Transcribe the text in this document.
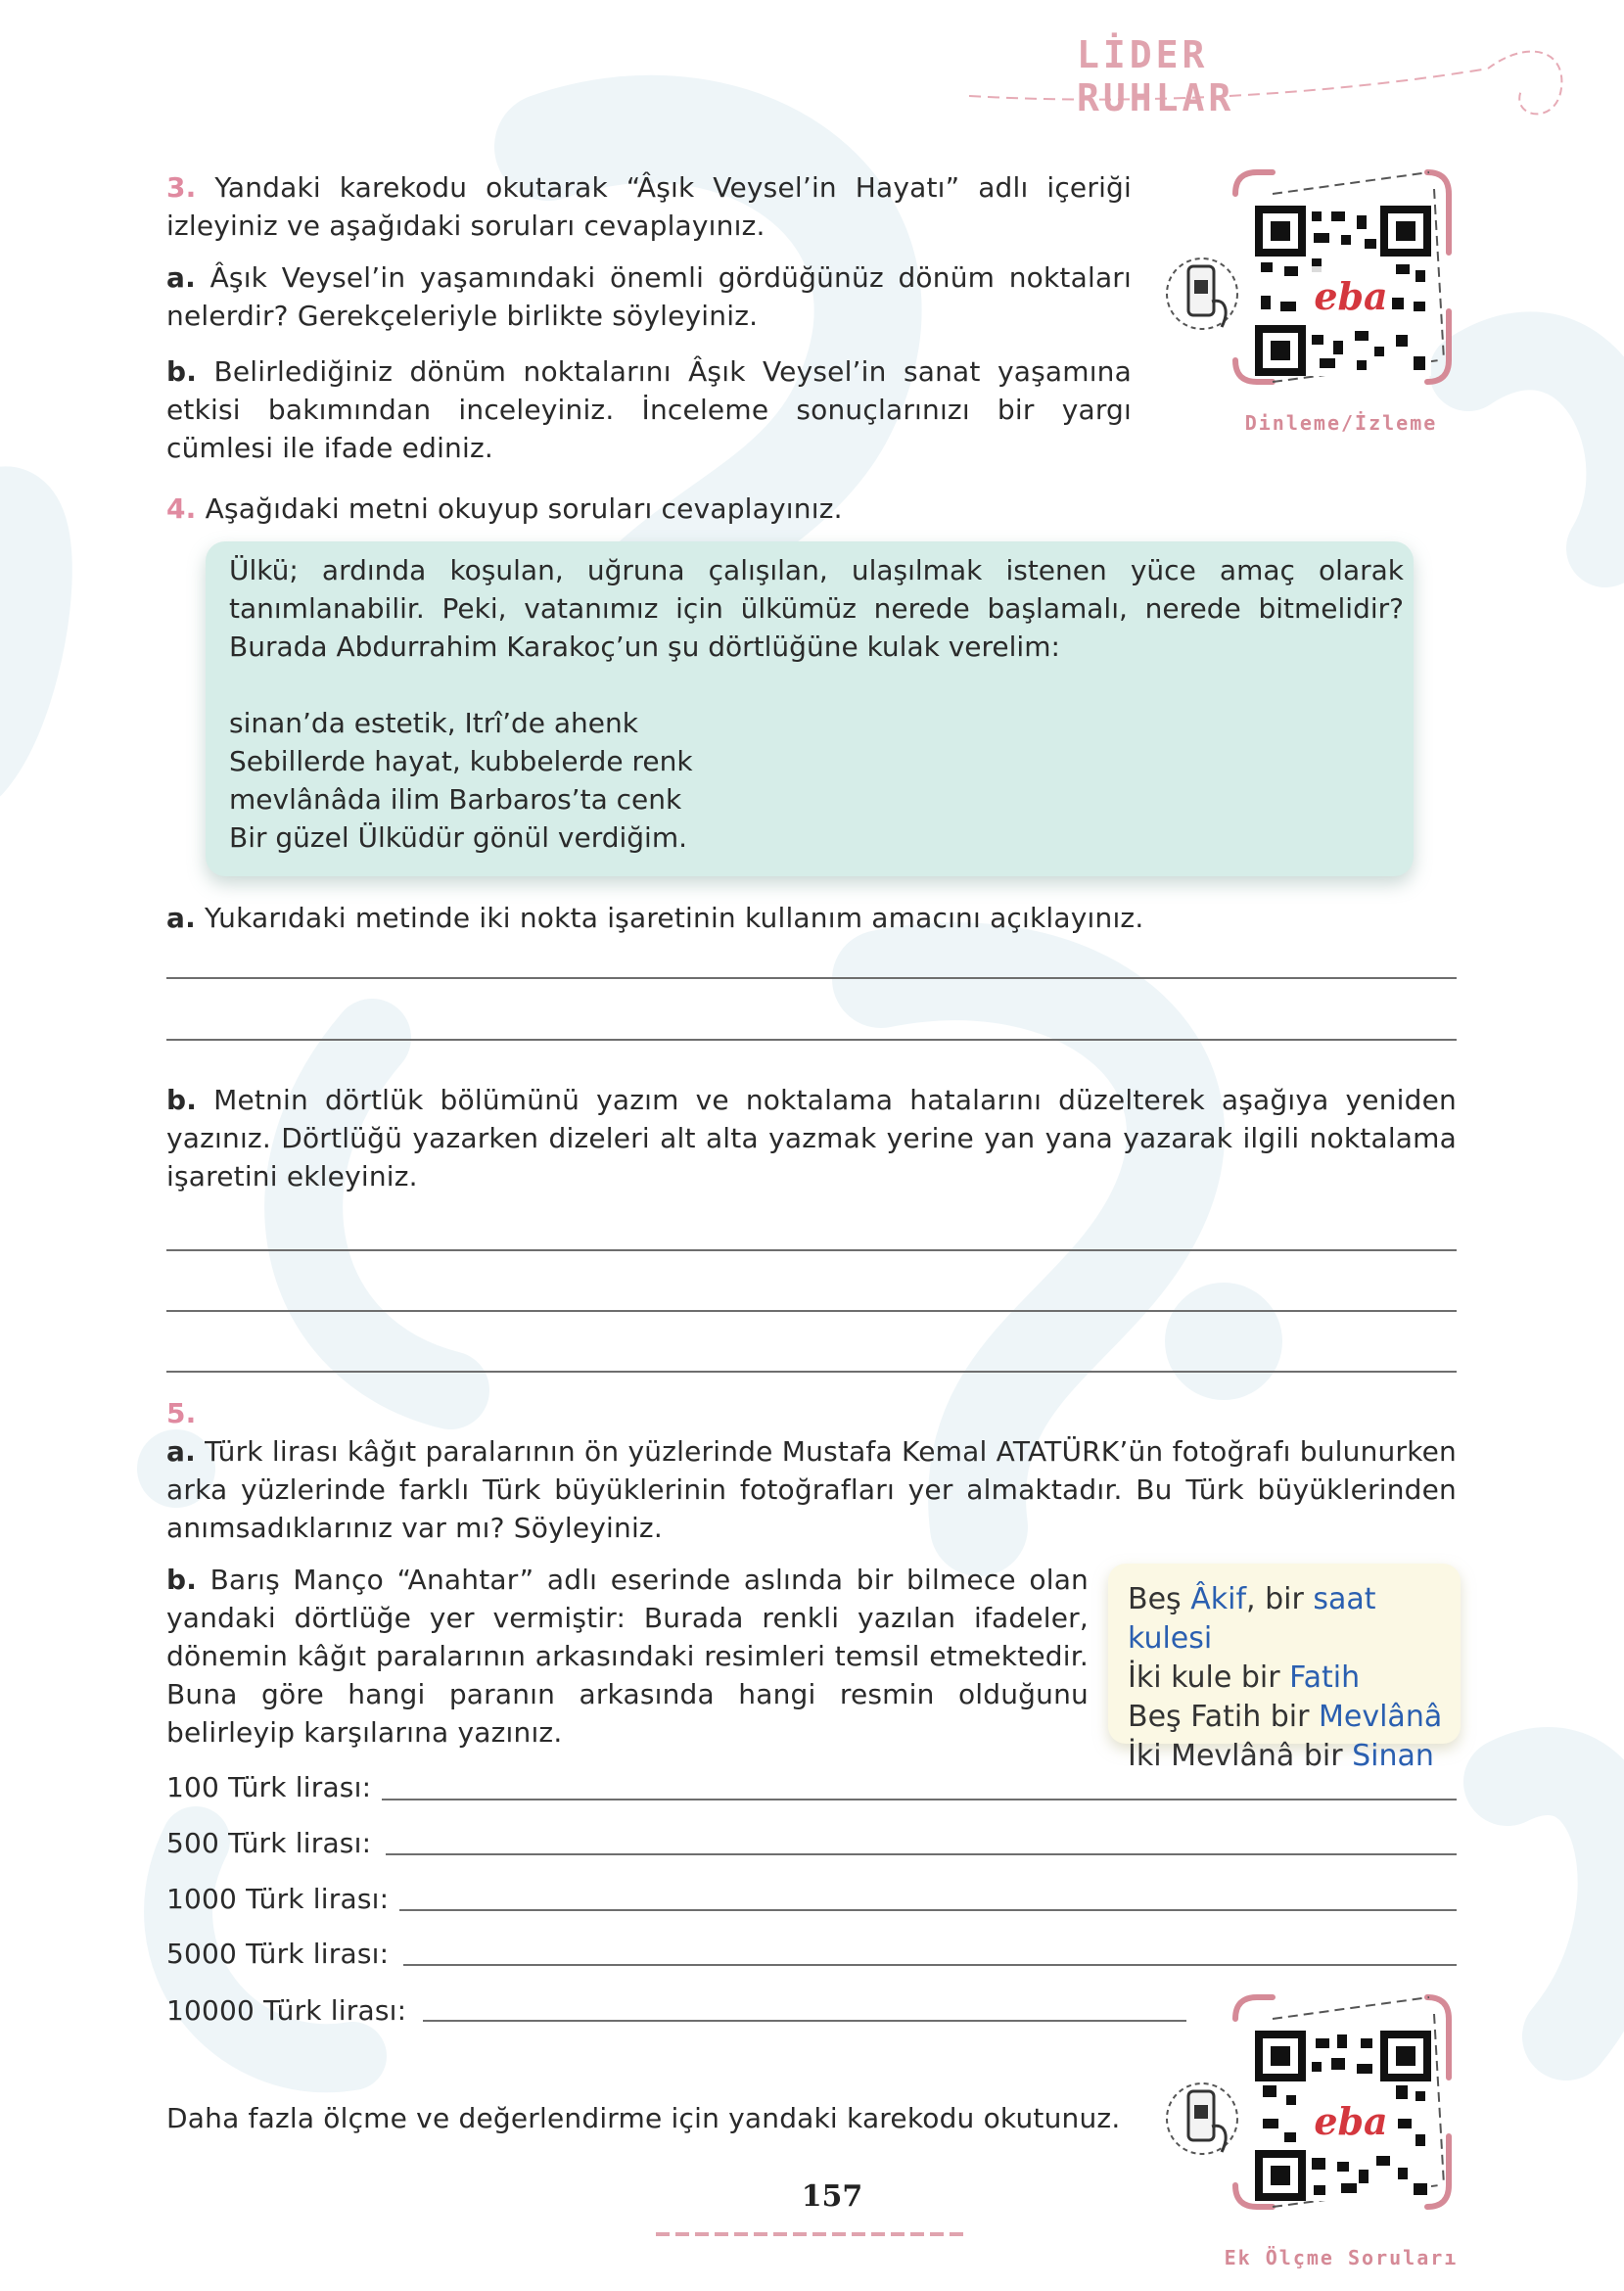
LİDER RUHLAR
3. Yandaki karekodu okutarak “Âşık Veysel’in Hayatı” adlı içeriği izleyiniz ve aşağıdaki soruları cevaplayınız.
a. Âşık Veysel’in yaşamındaki önemli gördüğünüz dönüm noktaları nelerdir? Gerekçeleriyle birlikte söyleyiniz.
b. Belirlediğiniz dönüm noktalarını Âşık Veysel’in sanat yaşamına etkisi bakımından inceleyiniz. İnceleme sonuçlarınızı bir yargı cümlesi ile ifade ediniz.
eba
Dinleme/İzleme
4. Aşağıdaki metni okuyup soruları cevaplayınız.
Ülkü; ardında koşulan, uğruna çalışılan, ulaşılmak istenen yüce amaç olarak tanımlanabilir. Peki, vatanımız için ülkümüz nerede başlamalı, nerede bitmelidir? Burada Abdurrahim Karakoç’un şu dörtlüğüne kulak verelim:
sinan’da estetik, Itrî’de ahenk
Sebillerde hayat, kubbelerde renk
mevlânâda ilim Barbaros’ta cenk
Bir güzel Ülküdür gönül verdiğim.
a. Yukarıdaki metinde iki nokta işaretinin kullanım amacını açıklayınız.
b. Metnin dörtlük bölümünü yazım ve noktalama hatalarını düzelterek aşağıya yeniden yazınız. Dörtlüğü yazarken dizeleri alt alta yazmak yerine yan yana yazarak ilgili noktalama işaretini ekleyiniz.
5.
a. Türk lirası kâğıt paralarının ön yüzlerinde Mustafa Kemal ATATÜRK’ün fotoğrafı bulunurken arka yüzlerinde farklı Türk büyüklerinin fotoğrafları yer almaktadır. Bu Türk büyüklerinden anımsadıklarınız var mı? Söyleyiniz.
b. Barış Manço “Anahtar” adlı eserinde aslında bir bilmece olan yandaki dörtlüğe yer vermiştir: Burada renkli yazılan ifadeler, dönemin kâğıt paralarının arkasındaki resimleri temsil etmektedir. Buna göre hangi paranın arkasında hangi resmin olduğunu belirleyip karşılarına yazınız.
Beş Âkif, bir saat kulesi
İki kule bir Fatih
Beş Fatih bir Mevlânâ
İki Mevlânâ bir Sinan
100 Türk lirası:
500 Türk lirası:
1000 Türk lirası:
5000 Türk lirası:
10000 Türk lirası:
Daha fazla ölçme ve değerlendirme için yandaki karekodu okutunuz.	eba
Ek Ölçme Soruları
157
